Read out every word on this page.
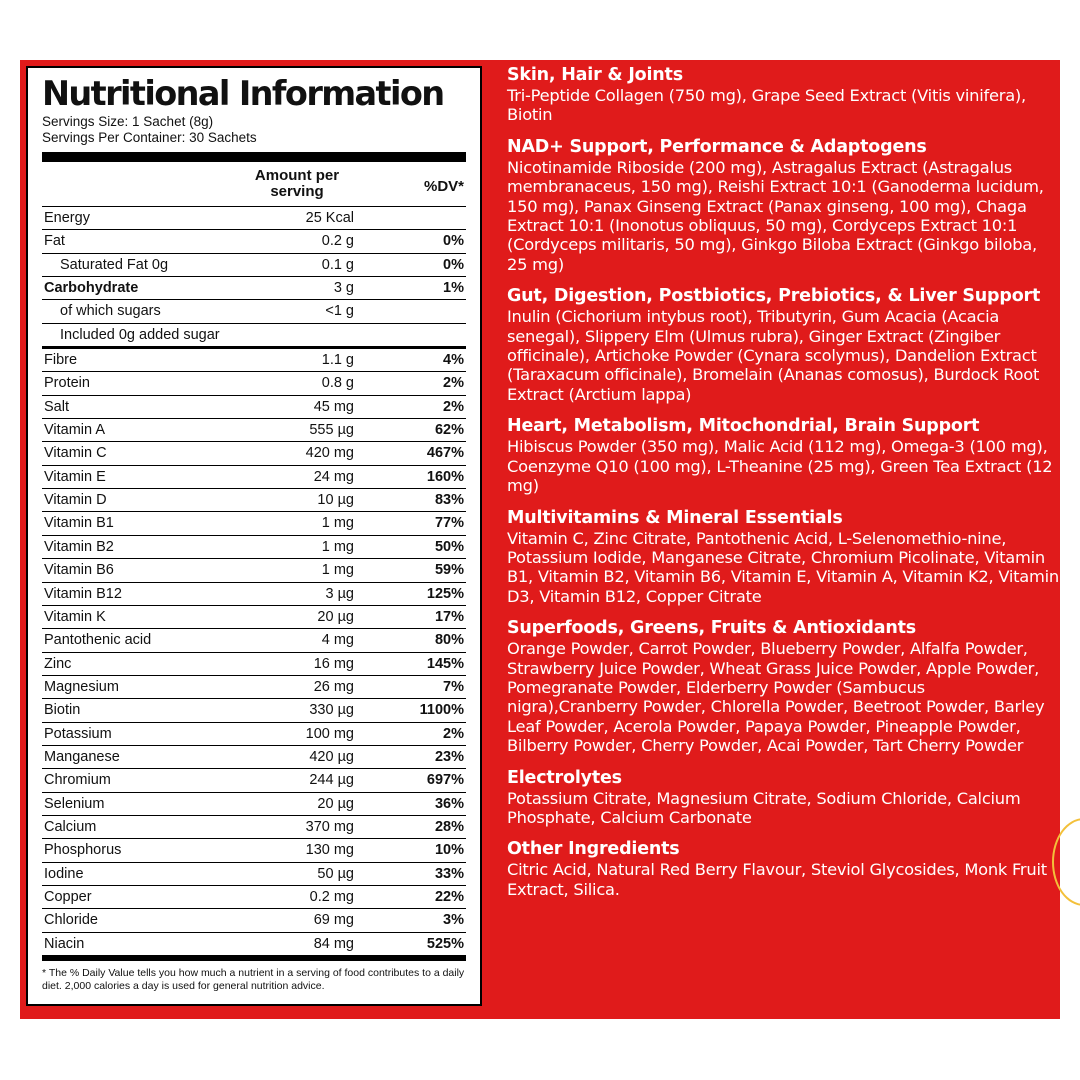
Nutritional Information
Servings Size: 1 Sachet (8g)
Servings Per Container: 30 Sachets
Amount per serving	%DV*
Energy	25 Kcal
Fat	0.2 g	0%
Saturated Fat 0g	0.1 g	0%
Carbohydrate	3 g	1%
of which sugars	<1 g
Included 0g added sugar
Fibre	1.1 g	4%
Protein	0.8 g	2%
Salt	45 mg	2%
Vitamin A	555 µg	62%
Vitamin C	420 mg	467%
Vitamin E	24 mg	160%
Vitamin D	10 µg	83%
Vitamin B1	1 mg	77%
Vitamin B2	1 mg	50%
Vitamin B6	1 mg	59%
Vitamin B12	3 µg	125%
Vitamin K	20 µg	17%
Pantothenic acid	4 mg	80%
Zinc	16 mg	145%
Magnesium	26 mg	7%
Biotin	330 µg	1100%
Potassium	100 mg	2%
Manganese	420 µg	23%
Chromium	244 µg	697%
Selenium	20 µg	36%
Calcium	370 mg	28%
Phosphorus	130 mg	10%
Iodine	50 µg	33%
Copper	0.2 mg	22%
Chloride	69 mg	3%
Niacin	84 mg	525%
* The % Daily Value tells you how much a nutrient in a serving of food contributes to a daily diet. 2,000 calories a day is used for general nutrition advice.
Skin, Hair & Joints
Tri-Peptide Collagen (750 mg), Grape Seed Extract (Vitis vinifera), Biotin
NAD+ Support, Performance & Adaptogens
Nicotinamide Riboside (200 mg), Astragalus Extract (Astragalus membranaceus, 150 mg), Reishi Extract 10:1 (Ganoderma lucidum, 150 mg), Panax Ginseng Extract (Panax ginseng, 100 mg), Chaga Extract 10:1 (Inonotus obliquus, 50 mg), Cordyceps Extract 10:1 (Cordyceps militaris, 50 mg), Ginkgo Biloba Extract (Ginkgo biloba, 25 mg)
Gut, Digestion, Postbiotics, Prebiotics, & Liver Support
Inulin (Cichorium intybus root), Tributyrin, Gum Acacia (Acacia senegal), Slippery Elm (Ulmus rubra), Ginger Extract (Zingiber officinale), Artichoke Powder (Cynara scolymus), Dandelion Extract (Taraxacum officinale), Bromelain (Ananas comosus), Burdock Root Extract (Arctium lappa)
Heart, Metabolism, Mitochondrial, Brain Support
Hibiscus Powder (350 mg), Malic Acid (112 mg), Omega-3 (100 mg), Coenzyme Q10 (100 mg), L-Theanine (25 mg), Green Tea Extract (12 mg)
Multivitamins & Mineral Essentials
Vitamin C, Zinc Citrate, Pantothenic Acid, L-Selenomethio-nine, Potassium Iodide, Manganese Citrate, Chromium Picolinate, Vitamin B1, Vitamin B2, Vitamin B6, Vitamin E, Vitamin A, Vitamin K2, Vitamin D3, Vitamin B12, Copper Citrate
Superfoods, Greens, Fruits & Antioxidants
Orange Powder, Carrot Powder, Blueberry Powder, Alfalfa Powder, Strawberry Juice Powder, Wheat Grass Juice Powder, Apple Powder, Pomegranate Powder, Elderberry Powder (Sambucus nigra),Cranberry Powder, Chlorella Powder, Beetroot Powder, Barley Leaf Powder, Acerola Powder, Papaya Powder, Pineapple Powder, Bilberry Powder, Cherry Powder, Acai Powder, Tart Cherry Powder
Electrolytes
Potassium Citrate, Magnesium Citrate, Sodium Chloride, Calcium Phosphate, Calcium Carbonate
Other Ingredients
Citric Acid, Natural Red Berry Flavour, Steviol Glycosides, Monk Fruit Extract, Silica.
